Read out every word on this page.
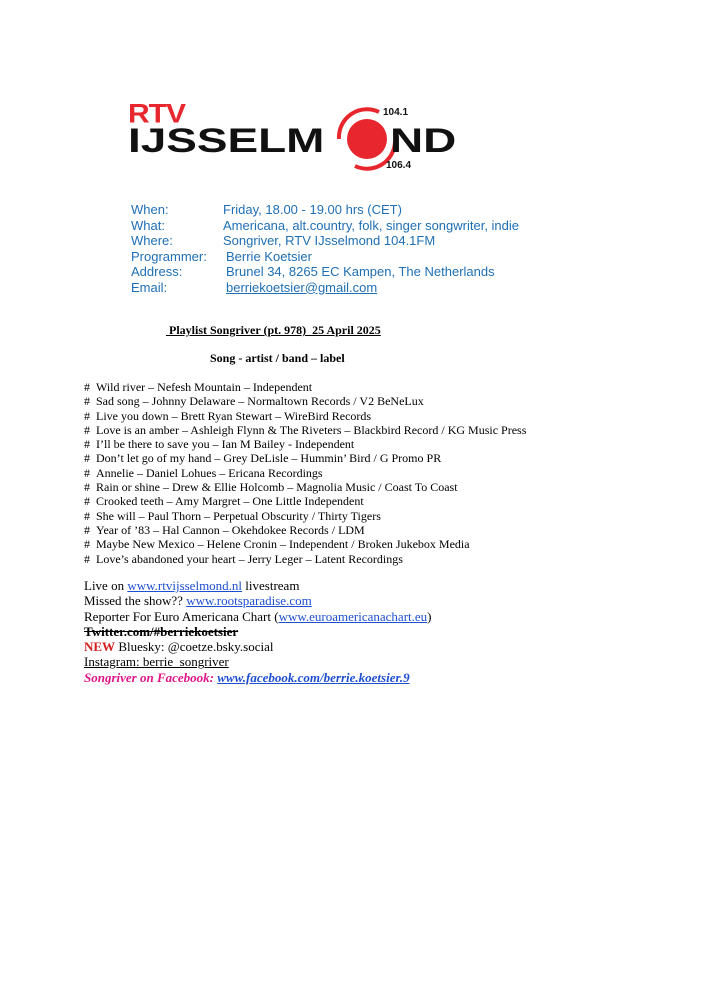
RTV
IJSSELM ND
104.1
106.4
When:	Friday, 18.00 - 19.00 hrs (CET)
What:	Americana, alt.country, folk, singer songwriter, indie
Where:	Songriver, RTV IJsselmond 104.1FM
Programmer: Berrie Koetsier
Address:	Brunel 34, 8265 EC Kampen, The Netherlands
Email:	berriekoetsier@gmail.com
Playlist Songriver (pt. 978)  25 April 2025
Song - artist / band – label
# Wild river – Nefesh Mountain – Independent
# Sad song – Johnny Delaware – Normaltown Records / V2 BeNeLux
# Live you down – Brett Ryan Stewart – WireBird Records
# Love is an amber – Ashleigh Flynn & The Riveters – Blackbird Record / KG Music Press
# I’ll be there to save you – Ian M Bailey - Independent
# Don’t let go of my hand – Grey DeLisle – Hummin’ Bird / G Promo PR
# Annelie – Daniel Lohues – Ericana Recordings
# Rain or shine – Drew & Ellie Holcomb – Magnolia Music / Coast To Coast
# Crooked teeth – Amy Margret – One Little Independent
# She will – Paul Thorn – Perpetual Obscurity / Thirty Tigers
# Year of ’83 – Hal Cannon – Okehdokee Records / LDM
# Maybe New Mexico – Helene Cronin – Independent / Broken Jukebox Media
# Love’s abandoned your heart – Jerry Leger – Latent Recordings
Live on www.rtvijsselmond.nl livestream
Missed the show?? www.rootsparadise.com
Reporter For Euro Americana Chart (www.euroamericanachart.eu)
Twitter.com/#berriekoetsier
NEW Bluesky: @coetze.bsky.social
Instagram: berrie_songriver
Songriver on Facebook: www.facebook.com/berrie.koetsier.9
